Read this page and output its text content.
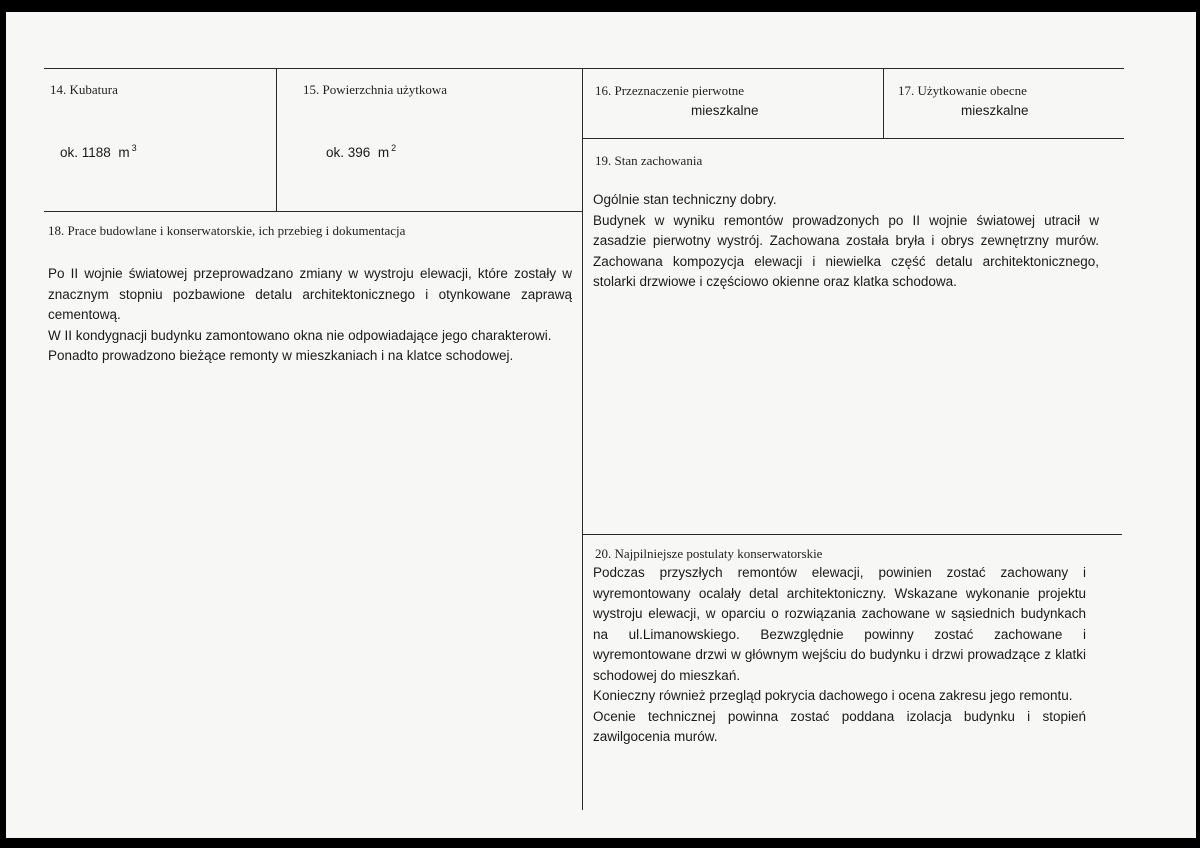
14. Kubatura
ok. 1188 m $^3$
15. Powierzchnia użytkowa
ok. 396 m $^2$
16. Przeznaczenie pierwotne
mieszkalne
17. Użytkowanie obecne
mieszkalne
18. Prace budowlane i konserwatorskie, ich przebieg i dokumentacja

Po II wojnie światowej przeprowadzano zmiany w wystroju elewacji, które zostały w znacznym stopniu pozbawione detalu architektonicznego i otynkowane zaprawą cementową.

W II kondygnacji budynku zamontowano okna nie odpowiadające jego charakterowi.

Ponadto prowadzono bieżące remonty w mieszkaniach i na klatce schodowej.

19. Stan zachowania

Ogólnie stan techniczny dobry.

Budynek w wyniku remontów prowadzonych po II wojnie światowej utracił w zasadzie pierwotny wystrój. Zachowana została bryła i obrys zewnętrzny murów. Zachowana kompozycja elewacji i niewielka część detalu architektonicznego, stolarki drzwiowe i częściowo okienne oraz klatka schodowa.

20. Najpilniejsze postulaty konserwatorskie

Podczas przyszłych remontów elewacji, powinien zostać zachowany i wyremontowany ocalały detal architektoniczny. Wskazane wykonanie projektu wystroju elewacji, w oparciu o rozwiązania zachowane w sąsiednich budynkach na ul.Limanowskiego. Bezwzględnie powinny zostać zachowane i wyremontowane drzwi w głównym wejściu do budynku i drzwi prowadzące z klatki schodowej do mieszkań.

Konieczny również przegląd pokrycia dachowego i ocena zakresu jego remontu.

Ocenie technicznej powinna zostać poddana izolacja budynku i stopień zawilgocenia murów.
